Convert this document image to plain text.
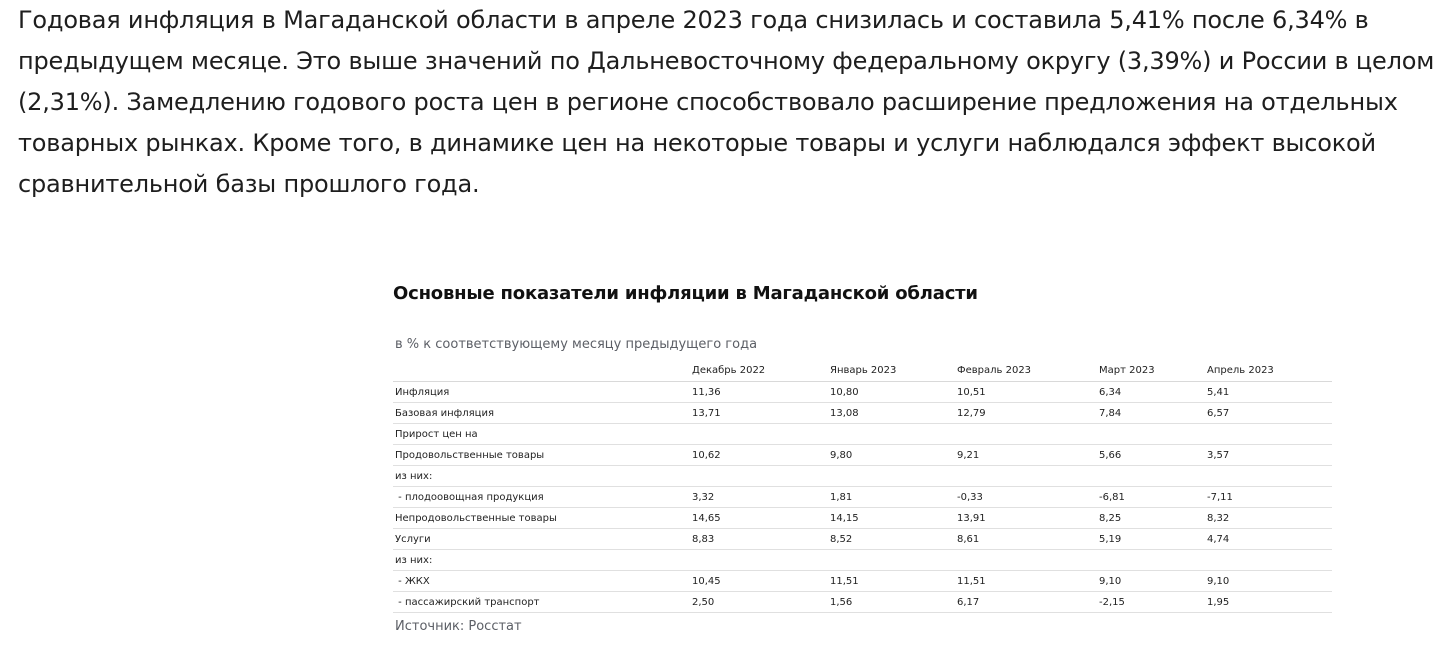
Годовая инфляция в Магаданской области в апреле 2023 года снизилась и составила 5,41% после 6,34% в предыдущем месяце. Это выше значений по Дальневосточному федеральному округу (3,39%) и России в целом (2,31%). Замедлению годового роста цен в регионе способствовало расширение предложения на отдельных товарных рынках. Кроме того, в динамике цен на некоторые товары и услуги наблюдался эффект высокой сравнительной базы прошлого года.

Основные показатели инфляции в Магаданской области
в % к соответствующему месяцу предыдущего года
	Декабрь 2022	Январь 2023	Февраль 2023	Март 2023	Апрель 2023
Инфляция	11,36	10,80	10,51	6,34	5,41
Базовая инфляция	13,71	13,08	12,79	7,84	6,57
Прирост цен на					
Продовольственные товары	10,62	9,80	9,21	5,66	3,57
из них:					
- плодоовощная продукция	3,32	1,81	-0,33	-6,81	-7,11
Непродовольственные товары	14,65	14,15	13,91	8,25	8,32
Услуги	8,83	8,52	8,61	5,19	4,74
из них:					
- ЖКХ	10,45	11,51	11,51	9,10	9,10
- пассажирский транспорт	2,50	1,56	6,17	-2,15	1,95
Источник: Росстат
